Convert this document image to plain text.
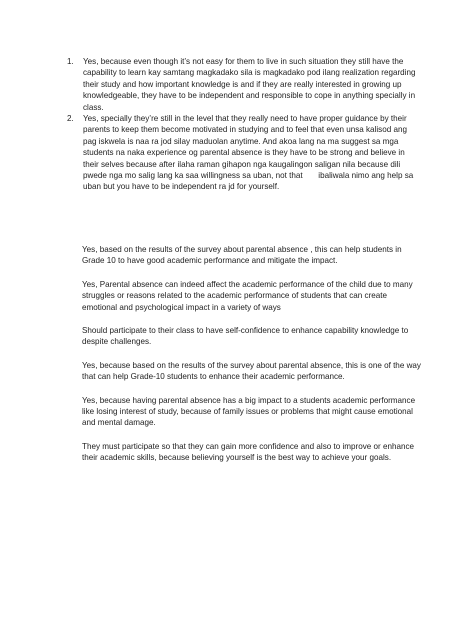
1. Yes, because even though it’s not easy for them to live in such situation they still have the capability to learn kay samtang magkadako sila is magkadako pod ilang realization regarding their study and how important knowledge is and if they are really interested in growing up knowledgeable, they have to be independent and responsible to cope in anything specially in class.
2. Yes, specially they’re still in the level that they really need to have proper guidance by their parents to keep them become motivated in studying and to feel that even unsa kalisod ang pag iskwela is naa ra jod silay maduolan anytime. And akoa lang na ma suggest sa mga students na naka experience og parental absence is they have to be strong and believe in their selves because after ilaha raman gihapon nga kaugalingon saligan nila because dili pwede nga mo salig lang ka saa willingness sa uban, not that       ibaliwala nimo ang help sa uban but you have to be independent ra jd for yourself.

Yes, based on the results of the survey about parental absence , this can help students in Grade 10 to have good academic performance and mitigate the impact.

Yes, Parental absence can indeed affect the academic performance of the child due to many struggles or reasons related to the academic performance of students that can create emotional and psychological impact in a variety of ways

Should participate to their class to have self-confidence to enhance capability knowledge to despite challenges.

Yes, because based on the results of the survey about parental absence, this is one of the way that can help Grade-10 students to enhance their academic performance.

Yes, because having parental absence has a big impact to a students academic performance like losing interest of study, because of family issues or problems that might cause emotional and mental damage.

They must participate so that they can gain more confidence and also to improve or enhance their academic skills, because believing yourself is the best way to achieve your goals.
